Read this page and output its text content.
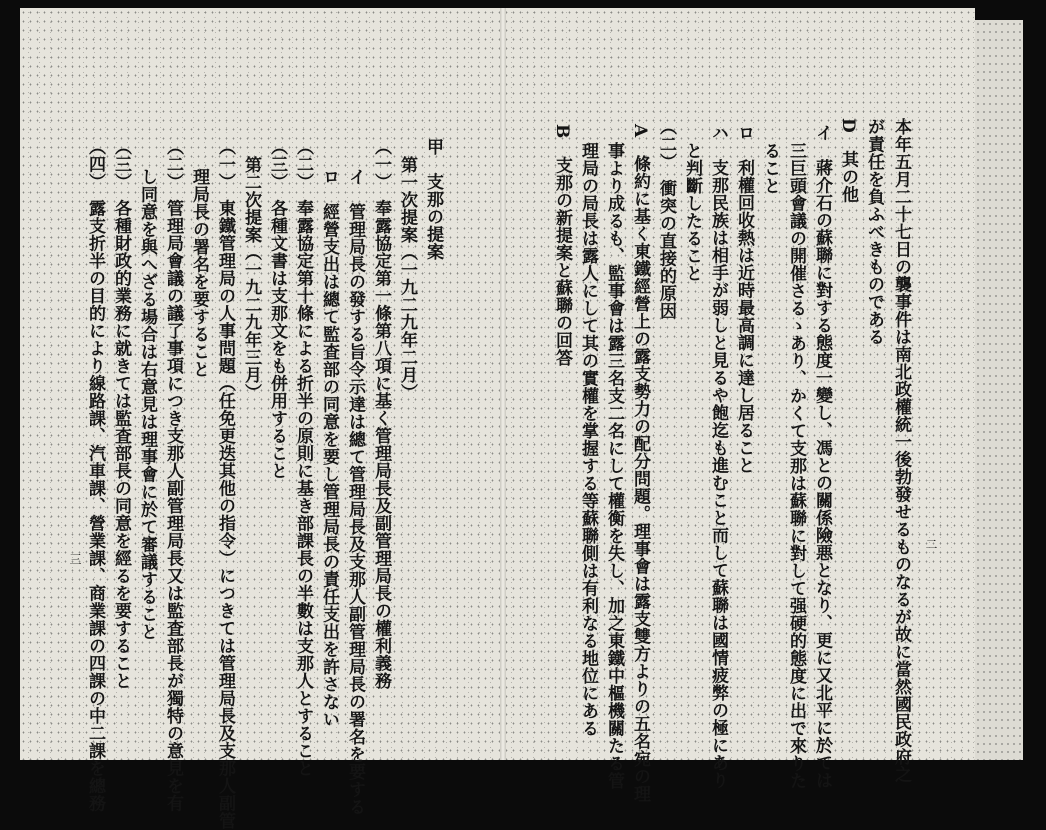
二
本年五月二十七日の襲事件は南北政權統一後勃發せるものなるが故に當然國民政府之
が責任を負ふべきものである
D　其の他
イ　蔣介石の蘇聯に對する態度一變し、馮との關係險悪となり、更に又北平に於ては
三巨頭會議の開催さるゝあり、かくて支那は蘇聯に對して强硬的態度に出で來りた
ること
ロ　利權回收熱は近時最高調に達し居ること
ハ　支那民族は相手が弱しと見るや飽迄も進むこと而して蘇聯は國情疲弊の極にあり
と判斷したること
（二）　衝突の直接的原因
A　條約に基く東鐵經營上の露支勢力の配分問題。理事會は露支雙方よりの五名宛の理
事より成るも、監事會は露三名支二名にして權衡を失し、加之東鐵中樞機關たる管
理局の局長は露人にして其の實權を掌握する等蘇聯側は有利なる地位にある
B　支那の新提案と蘇聯の回答
甲　支那の提案
第一次提案（一九二九年二月）
（一）　奉露協定第一條第八項に基く管理局長及副管理局長の權利義務
イ　管理局長の發する旨令示達は總て管理局長及支那人副管理局長の署名を要する
ロ　經營支出は總て監査部の同意を要し管理局長の責任支出を許さない
（二）　奉露協定第十條による折半の原則に基き部課長の半數は支那人とすること
（三）　各種文書は支那文をも併用すること
第二次提案（一九二九年三月）
（一）　東鐵管理局の人事問題（任免更迭其他の指令）につきては管理局長及支那人副管
理局長の署名を要すること
（二）　管理局會議の議了事項につき支那人副管理局長又は監査部長が獨特の意見を有
し同意を與へざる場合は右意見は理事會に於て審議すること
（三）　各種財政的業務に就きては監査部長の同意を經るを要すること
（四）　露支折半の目的により線路課、汽車課、營業課、商業課の四課の中二課を總務
三
